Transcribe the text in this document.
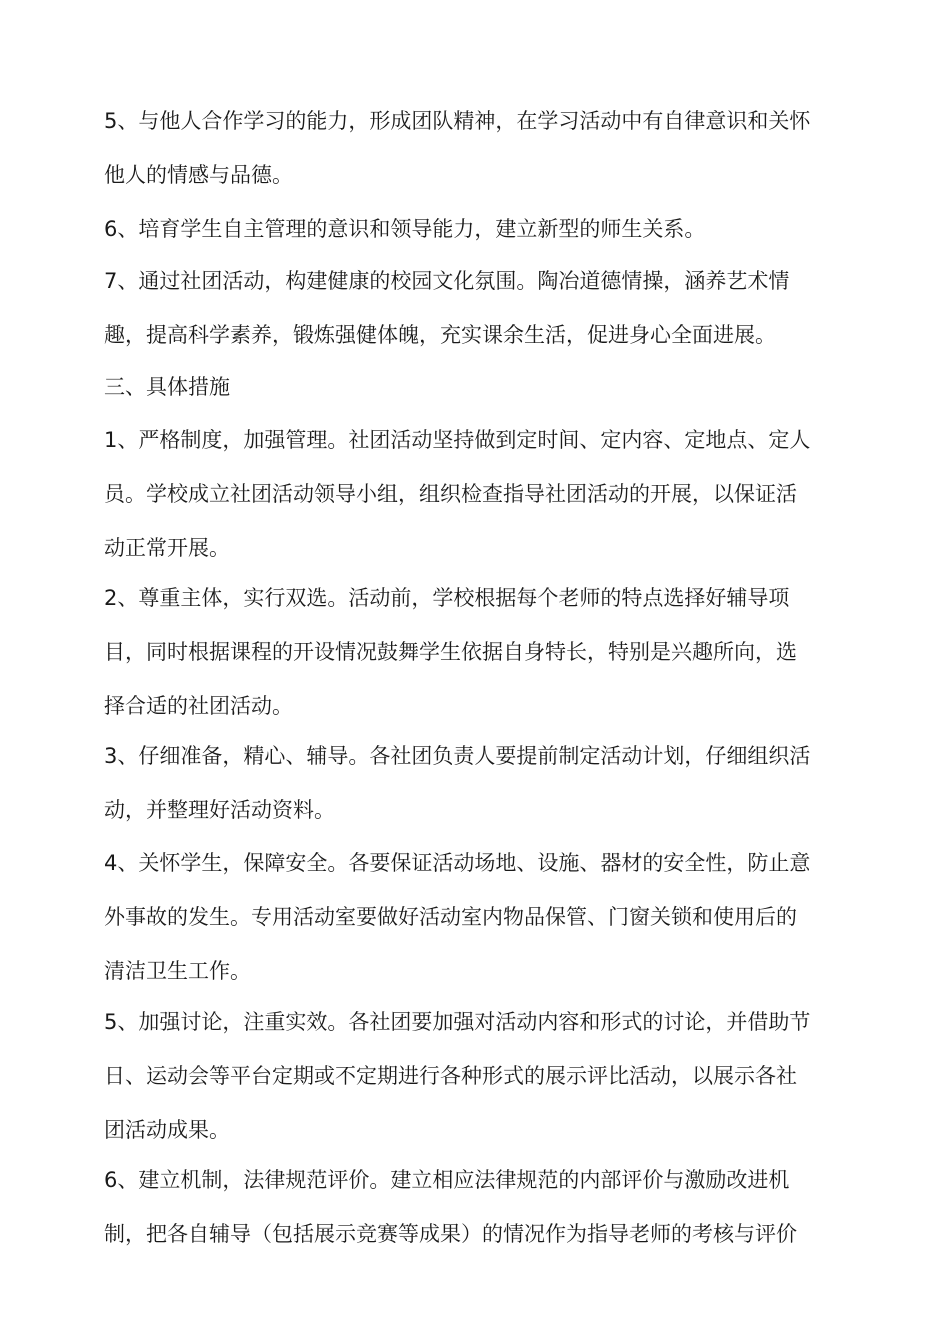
5、与他人合作学习的能力，形成团队精神，在学习活动中有自律意识和关怀
他人的情感与品德。

6、培育学生自主管理的意识和领导能力，建立新型的师生关系。

7、通过社团活动，构建健康的校园文化氛围。陶冶道德情操，涵养艺术情
趣，提高科学素养，锻炼强健体魄，充实课余生活，促进身心全面进展。

三、具体措施

1、严格制度，加强管理。社团活动坚持做到定时间、定内容、定地点、定人
员。学校成立社团活动领导小组，组织检查指导社团活动的开展，以保证活
动正常开展。

2、尊重主体，实行双选。活动前，学校根据每个老师的特点选择好辅导项
目，同时根据课程的开设情况鼓舞学生依据自身特长，特别是兴趣所向，选
择合适的社团活动。

3、仔细准备，精心、辅导。各社团负责人要提前制定活动计划，仔细组织活
动，并整理好活动资料。

4、关怀学生，保障安全。各要保证活动场地、设施、器材的安全性，防止意
外事故的发生。专用活动室要做好活动室内物品保管、门窗关锁和使用后的
清洁卫生工作。

5、加强讨论，注重实效。各社团要加强对活动内容和形式的讨论，并借助节
日、运动会等平台定期或不定期进行各种形式的展示评比活动，以展示各社
团活动成果。

6、建立机制，法律规范评价。建立相应法律规范的内部评价与激励改进机
制，把各自辅导（包括展示竞赛等成果）的情况作为指导老师的考核与评价
